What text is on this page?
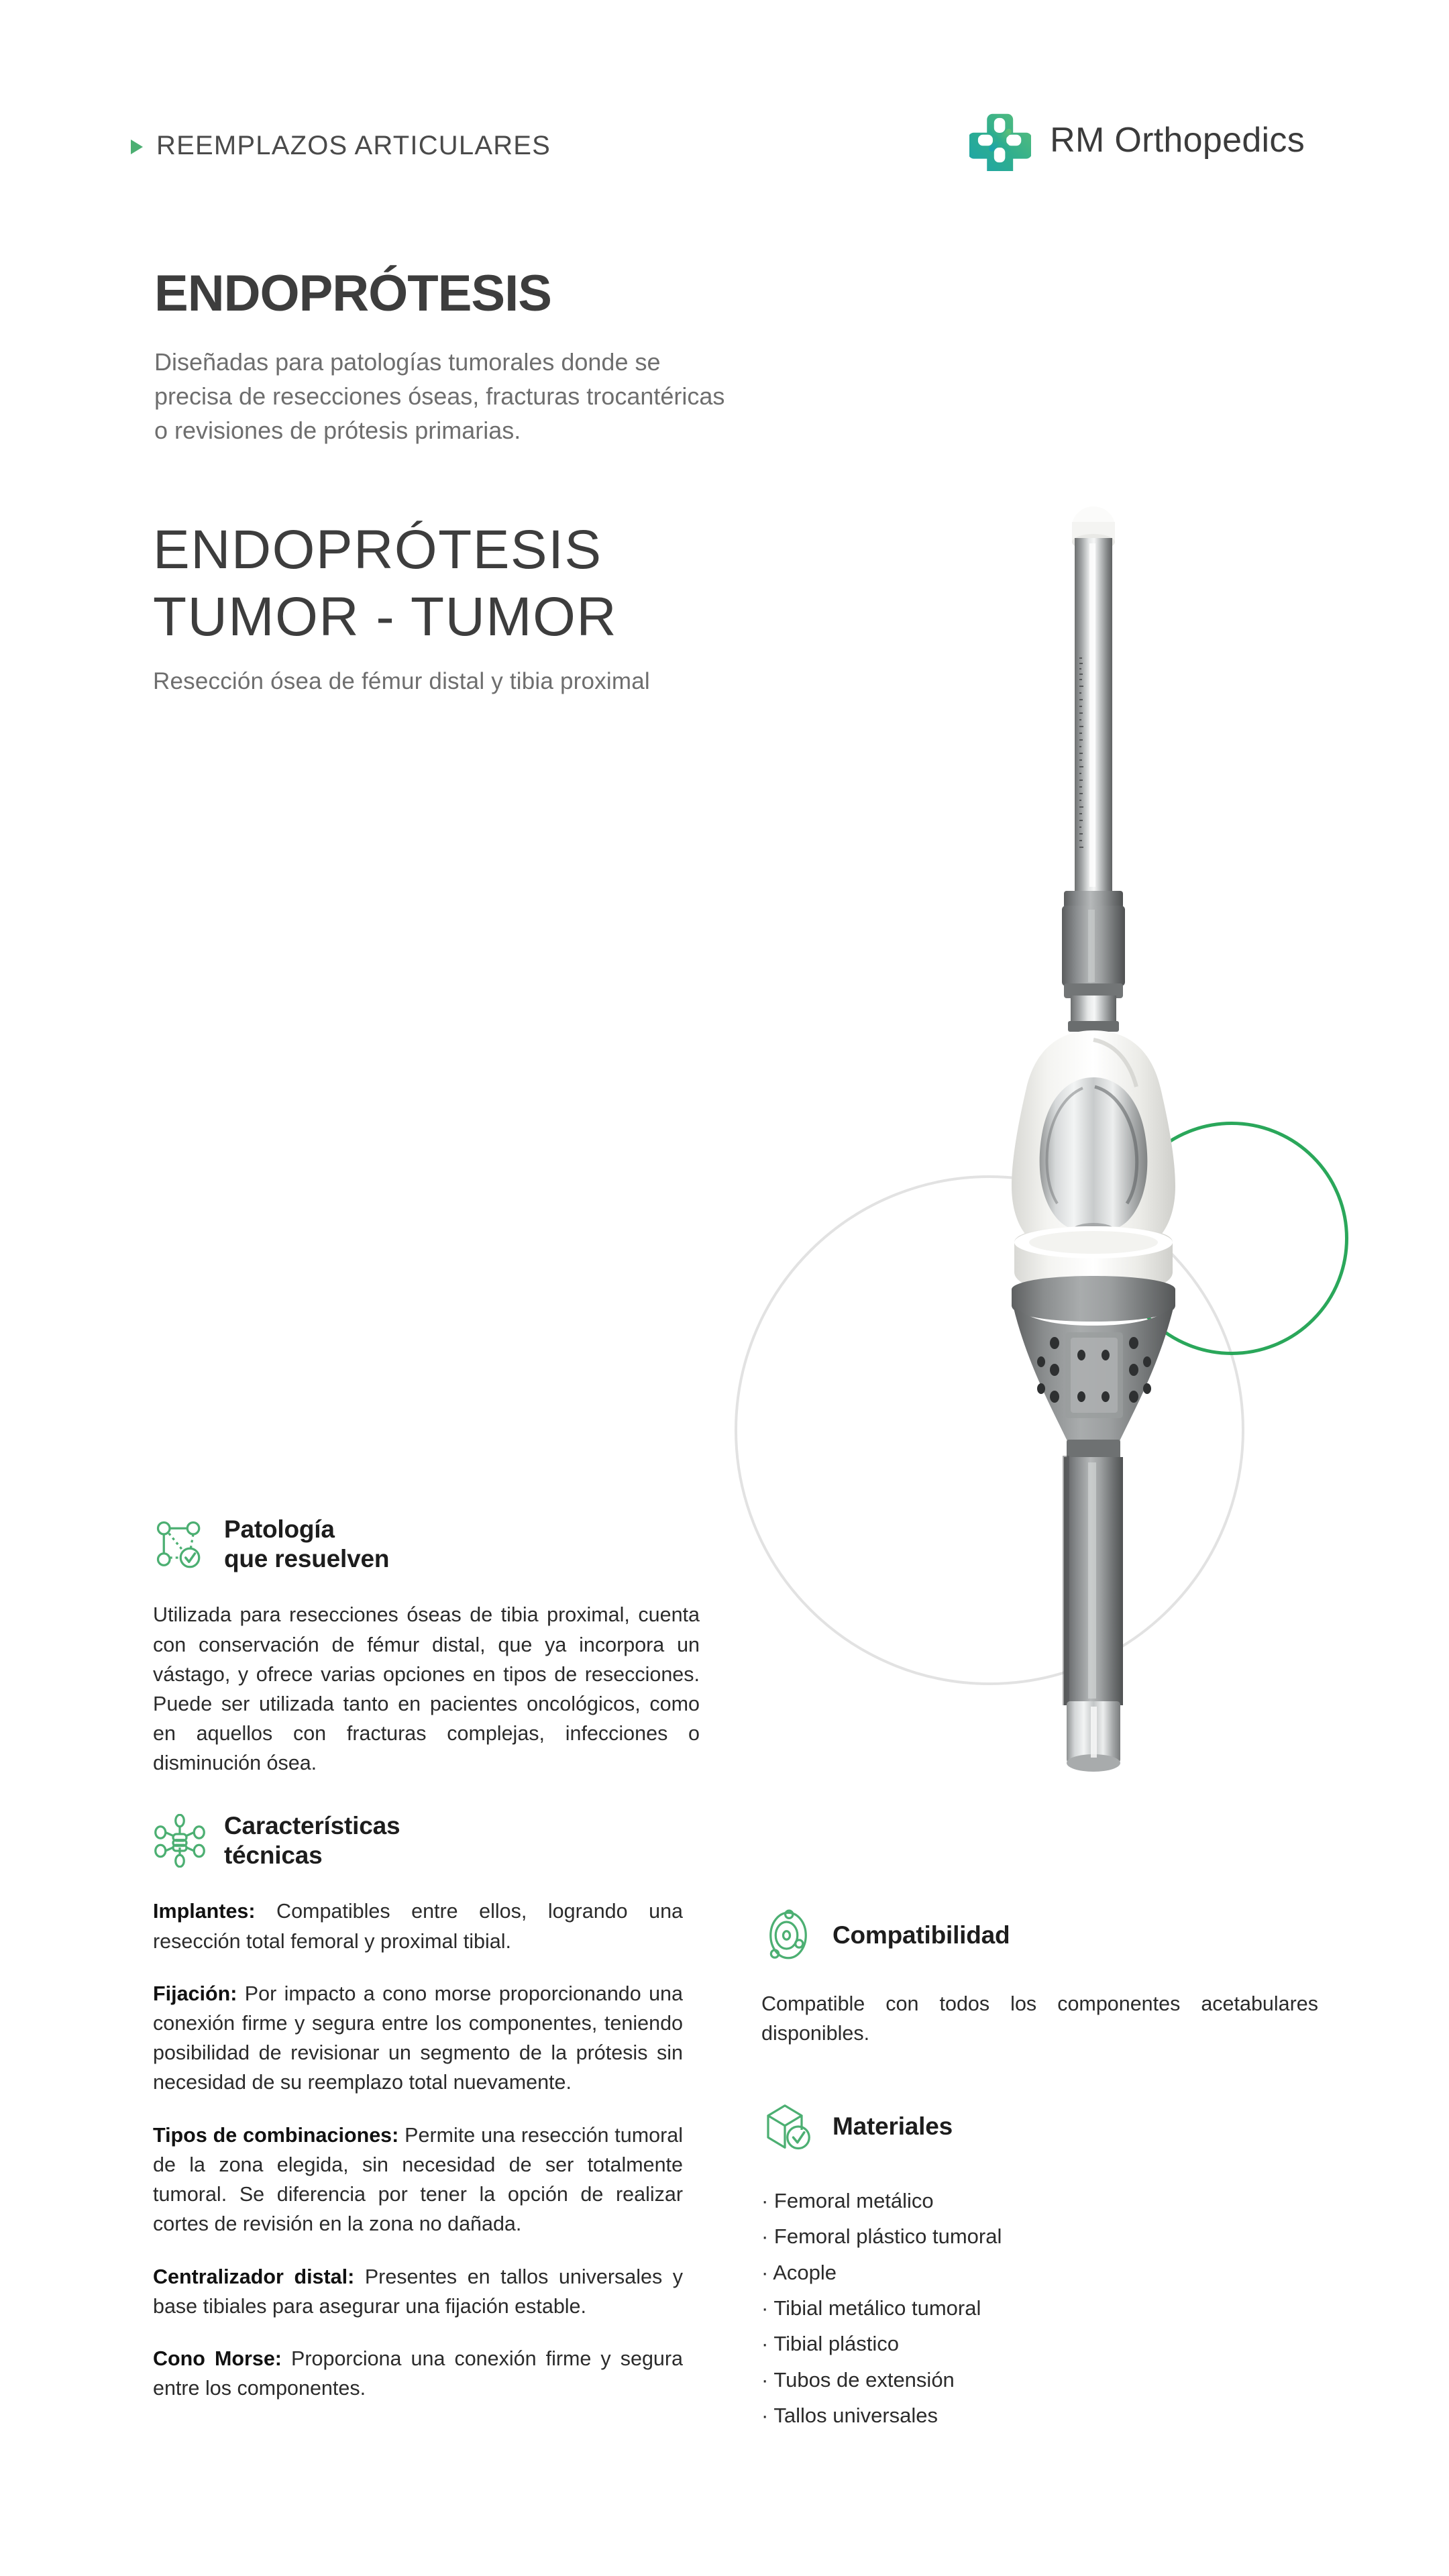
REEMPLAZOS ARTICULARES	RM Orthopedics
ENDOPRÓTESIS
Diseñadas para patologías tumorales donde se precisa de resecciones óseas, fracturas trocantéricas o revisiones de prótesis primarias.
ENDOPRÓTESIS
TUMOR - TUMOR
Resección ósea de fémur distal y tibia proximal
Patología
que resuelven

Utilizada para resecciones óseas de tibia proximal, cuenta con conservación de fémur distal, que ya incorpora un vástago, y ofrece varias opciones en tipos de resecciones. Puede ser utilizada tanto en pacientes oncológicos, como en aquellos con fracturas complejas, infecciones o disminución ósea.

Características
técnicas

Implantes: Compatibles entre ellos, logrando una resección total femoral y proximal tibial.

Fijación: Por impacto a cono morse proporcionando una conexión firme y segura entre los componentes, teniendo posibilidad de revisionar un segmento de la prótesis sin necesidad de su reemplazo total nuevamente.

Tipos de combinaciones: Permite una resección tumoral de la zona elegida, sin necesidad de ser totalmente tumoral. Se diferencia por tener la opción de realizar cortes de revisión en la zona no dañada.

Centralizador distal: Presentes en tallos universales y base tibiales para asegurar una fijación estable.

Cono Morse: Proporciona una conexión firme y segura entre los componentes.

Compatibilidad

Compatible con todos los componentes acetabulares disponibles.

Materiales
· Femoral metálico
· Femoral plástico tumoral
· Acople
· Tibial metálico tumoral
· Tibial plástico
· Tubos de extensión
· Tallos universales
